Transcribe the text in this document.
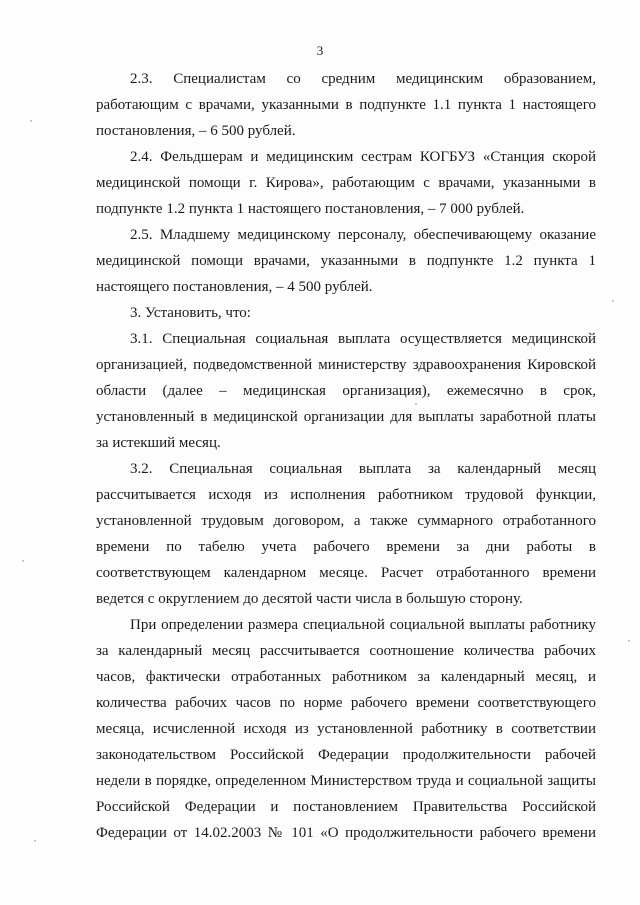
3

2.3. Специалистам со средним медицинским образованием, работающим с врачами, указанными в подпункте 1.1 пункта 1 настоящего постановления, – 6 500 рублей.

2.4. Фельдшерам и медицинским сестрам КОГБУЗ «Станция скорой медицинской помощи г. Кирова», работающим с врачами, указанными в подпункте 1.2 пункта 1 настоящего постановления, – 7 000 рублей.

2.5. Младшему медицинскому персоналу, обеспечивающему оказание медицинской помощи врачами, указанными в подпункте 1.2 пункта 1 настоящего постановления, – 4 500 рублей.

3. Установить, что:

3.1. Специальная социальная выплата осуществляется медицинской организацией, подведомственной министерству здравоохранения Кировской области (далее – медицинская организация), ежемесячно в срок, установленный в медицинской организации для выплаты заработной платы за истекший месяц.

3.2. Специальная социальная выплата за календарный месяц рассчитывается исходя из исполнения работником трудовой функции, установленной трудовым договором, а также суммарного отработанного времени по табелю учета рабочего времени за дни работы в соответствующем календарном месяце. Расчет отработанного времени ведется с округлением до десятой части числа в большую сторону.

При определении размера специальной социальной выплаты работнику за календарный месяц рассчитывается соотношение количества рабочих часов, фактически отработанных работником за календарный месяц, и количества рабочих часов по норме рабочего времени соответствующего месяца, исчисленной исходя из установленной работнику в соответствии законодательством Российской Федерации продолжительности рабочей недели в порядке, определенном Министерством труда и социальной защиты Российской Федерации и постановлением Правительства Российской Федерации от 14.02.2003 № 101 «О продолжительности рабочего времени
